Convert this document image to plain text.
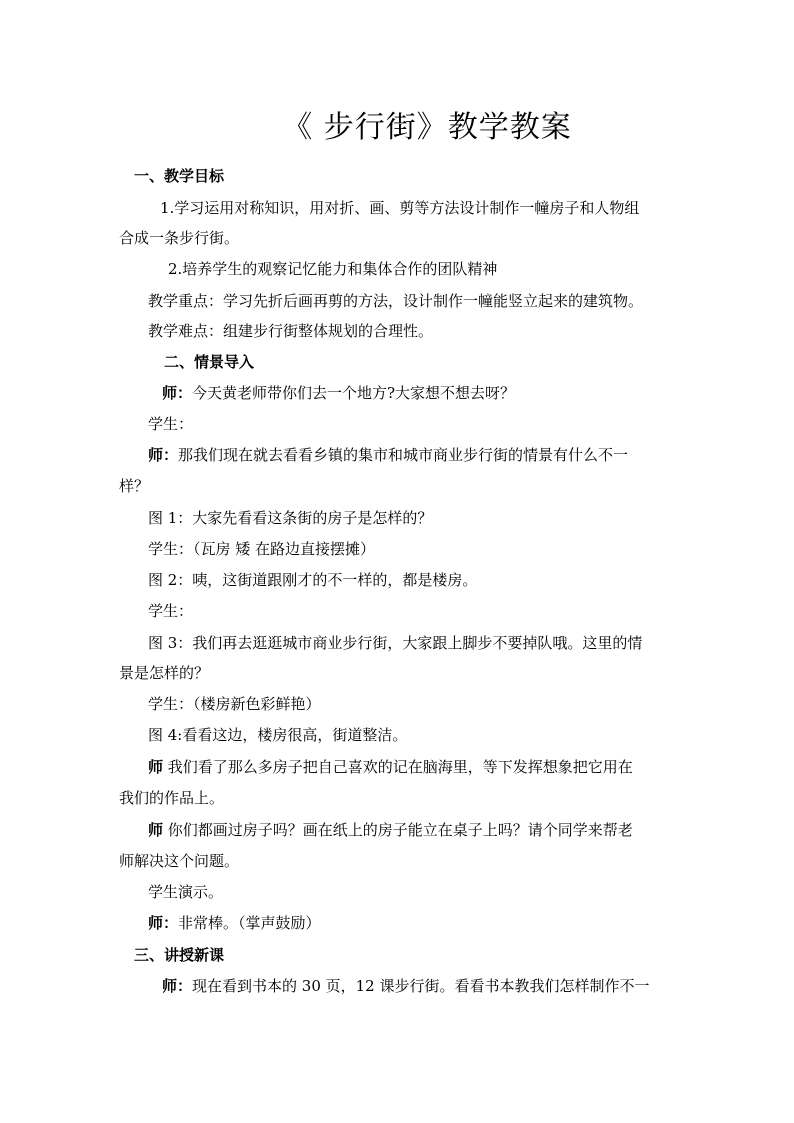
《 步行街》教学教案
一、教学目标
1.学习运用对称知识，用对折、画、剪等方法设计制作一幢房子和人物组
合成一条步行街。
2.培养学生的观察记忆能力和集体合作的团队精神
教学重点：学习先折后画再剪的方法，设计制作一幢能竖立起来的建筑物。
教学难点：组建步行街整体规划的合理性。
二、情景导入
师：今天黄老师带你们去一个地方?大家想不想去呀？
学生：
师：那我们现在就去看看乡镇的集市和城市商业步行街的情景有什么不一
样？
图 1：大家先看看这条街的房子是怎样的？
学生：（瓦房 矮 在路边直接摆摊）
图 2：咦，这街道跟刚才的不一样的，都是楼房。
学生：
图 3：我们再去逛逛城市商业步行街，大家跟上脚步不要掉队哦。这里的情
景是怎样的？
学生：（楼房新色彩鲜艳）
图 4:看看这边，楼房很高，街道整洁。
师 我们看了那么多房子把自己喜欢的记在脑海里，等下发挥想象把它用在
我们的作品上。
师 你们都画过房子吗？画在纸上的房子能立在桌子上吗？请个同学来帮老
师解决这个问题。
学生演示。
师：非常棒。（掌声鼓励）
三、讲授新课
师：现在看到书本的 30 页，12 课步行街。看看书本教我们怎样制作不一
